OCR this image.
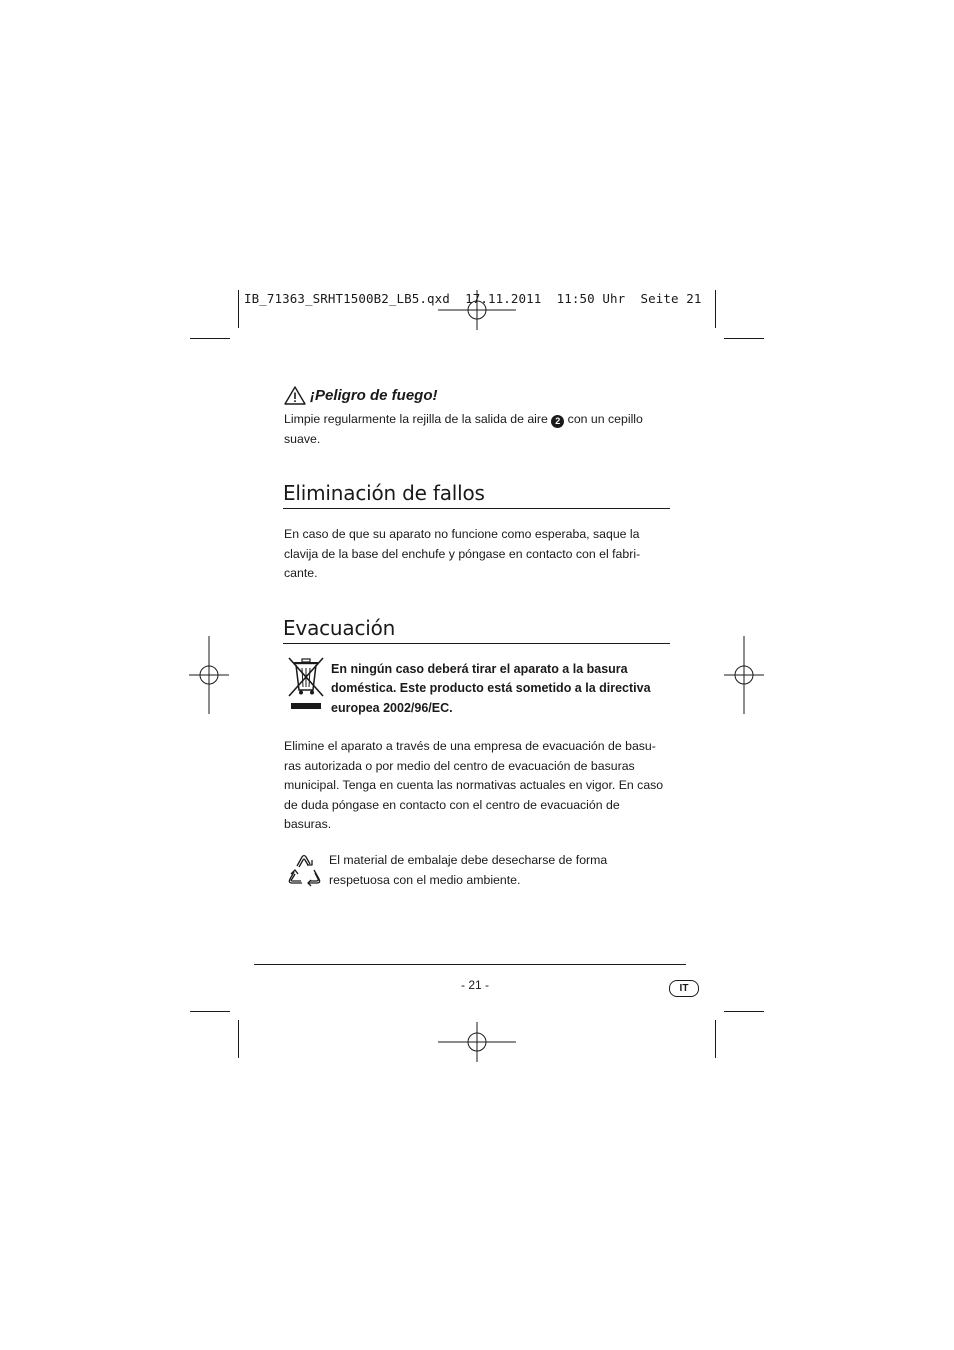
IB_71363_SRHT1500B2_LB5.qxd  17.11.2011  11:50 Uhr  Seite 21
¡Peligro de fuego!
Limpie regularmente la rejilla de la salida de aire 2 con un cepillo suave.
Eliminación de fallos
En caso de que su aparato no funcione como esperaba, saque la clavija de la base del enchufe y póngase en contacto con el fabri-cante.
Evacuación
En ningún caso deberá tirar el aparato a la basura doméstica. Este producto está sometido a la directiva europea 2002/96/EC.
Elimine el aparato a través de una empresa de evacuación de basu-ras autorizada o por medio del centro de evacuación de basuras municipal. Tenga en cuenta las normativas actuales en vigor. En caso de duda póngase en contacto con el centro de evacuación de basuras.
El material de embalaje debe desecharse de forma respetuosa con el medio ambiente.
- 21 -	IT
